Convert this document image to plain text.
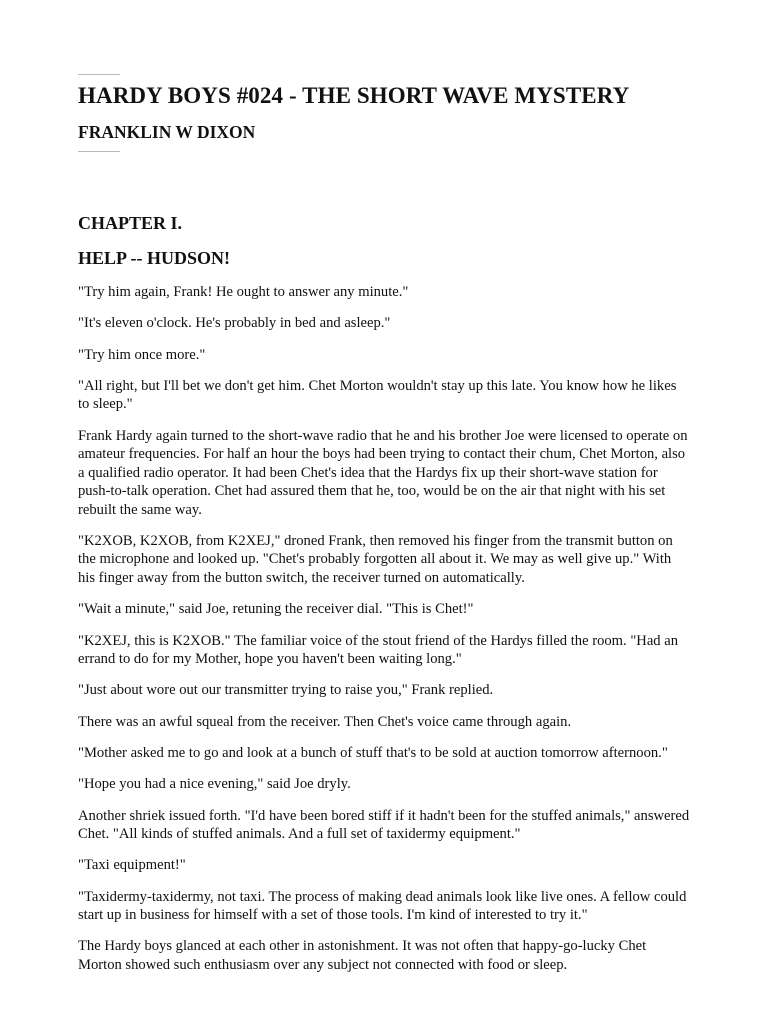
HARDY BOYS #024 - THE SHORT WAVE MYSTERY
FRANKLIN W DIXON
CHAPTER I.
HELP -- HUDSON!

"Try him again, Frank! He ought to answer any minute."

"It's eleven o'clock. He's probably in bed and asleep."

"Try him once more."

"All right, but I'll bet we don't get him. Chet Morton wouldn't stay up this late. You know how he likes to sleep."

Frank Hardy again turned to the short-wave radio that he and his brother Joe were licensed to operate on amateur frequencies. For half an hour the boys had been trying to contact their chum, Chet Morton, also a qualified radio operator. It had been Chet's idea that the Hardys fix up their short-wave station for push-to-talk operation. Chet had assured them that he, too, would be on the air that night with his set rebuilt the same way.

"K2XOB, K2XOB, from K2XEJ," droned Frank, then removed his finger from the transmit button on the microphone and looked up. "Chet's probably forgotten all about it. We may as well give up." With his finger away from the button switch, the receiver turned on automatically.

"Wait a minute," said Joe, retuning the receiver dial. "This is Chet!"

"K2XEJ, this is K2XOB." The familiar voice of the stout friend of the Hardys filled the room. "Had an errand to do for my Mother, hope you haven't been waiting long."

"Just about wore out our transmitter trying to raise you," Frank replied.

There was an awful squeal from the receiver. Then Chet's voice came through again.

"Mother asked me to go and look at a bunch of stuff that's to be sold at auction tomorrow afternoon."

"Hope you had a nice evening," said Joe dryly.

Another shriek issued forth. "I'd have been bored stiff if it hadn't been for the stuffed animals," answered Chet. "All kinds of stuffed animals. And a full set of taxidermy equipment."

"Taxi equipment!"

"Taxidermy-taxidermy, not taxi. The process of making dead animals look like live ones. A fellow could start up in business for himself with a set of those tools. I'm kind of interested to try it."

The Hardy boys glanced at each other in astonishment. It was not often that happy-go-lucky Chet Morton showed such enthusiasm over any subject not connected with food or sleep.
